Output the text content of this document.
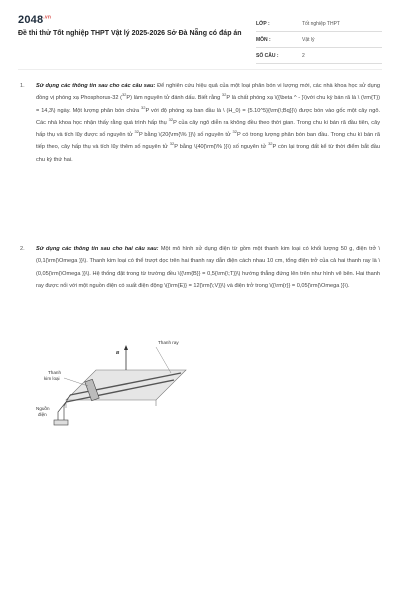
$2048^{.vn}$
Đề thi thử Tốt nghiệp THPT Vật lý 2025-2026 Sở Đà Nẵng có đáp án
LỚP :	Tốt nghiệp THPT
MÔN :	Vật lý
SỐ CÂU :	2
1. Sử dụng các thông tin sau cho các câu sau: Để nghiên cứu hiệu quả của một loại phân bón vi lượng mới, các nhà khoa học sử dụng đồng vị phóng xạ Phosphorus-32 ($^{32}$P) làm nguyên tử đánh dấu. Biết rằng $^{32}$P là chất phóng xạ \({\beta ^ - }\)với chu kỳ bán rã là \ (\rm{T}) = 14,3\) ngày. Một lượng phân bón chứa $^{32}$P với độ phóng xạ ban đầu là \ (H_0) = {5.10^5}{\rm{\;Bq}}\) được bón vào gốc một cây ngô. Các nhà khoa học nhận thấy rằng quá trình hấp thụ $^{32}$P của cây ngô diễn ra không đều theo thời gian. Trong chu ki bán rã đầu tiên, cây hấp thụ và tích lũy được số nguyên tử $^{32}$P bằng \(20{\rm{\% }}\) số nguyên tử $^{32}$P có trong lượng phân bón ban đầu. Trong chu kì bán rã tiếp theo, cây hấp thụ và tích lũy thêm số nguyên tử $^{32}$P bằng \(40{\rm{\% }}\) số nguyên tử $^{32}$P còn lại trong đất kể từ thời điểm bắt đầu chu kỳ thứ hai.
2. Sử dụng các thông tin sau cho hai câu sau: Một mô hình sử dụng điện từ gồm một thanh kim loại có khối lượng 50 g, điện trở \(0,1{\rm{\Omega }}\). Thanh kim loại có thể trượt dọc trên hai thanh ray dẫn điện cách nhau 10 cm, tổng điện trở của cả hai thanh ray là \ (0,05{\rm{\Omega }}\). Hệ thống đặt trong từ trường đều \({\rm{B}} = 0,5{\rm{\;T}}\) hướng thẳng đứng lên trên như hình vẽ bên. Hai thanh ray được nối với một nguồn điện có suất điện động \({\rm{E}} = 12{\rm{\;V}}\) và điện trở trong \({\rm{r}} = 0,05{\rm{\Omega }}\).
Thanh ray
Thanh
kim loại
Nguồn
điện
B
